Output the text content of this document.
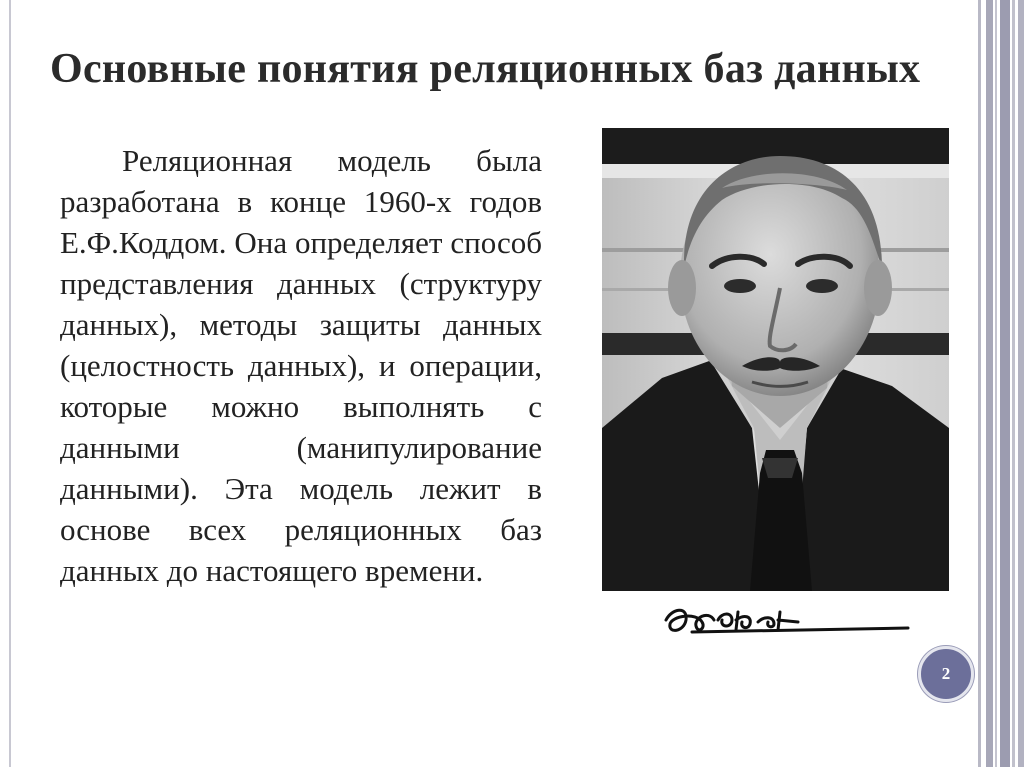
Основные понятия реляционных баз данных
Реляционная модель была разработана в конце 1960-х годов Е.Ф.Коддом. Она определяет способ представления данных (структуру данных), методы защиты данных (целостность данных), и операции, которые можно выполнять с данными (манипулирование данными). Эта модель лежит в основе всех реляционных баз данных до настоящего времени.
2
